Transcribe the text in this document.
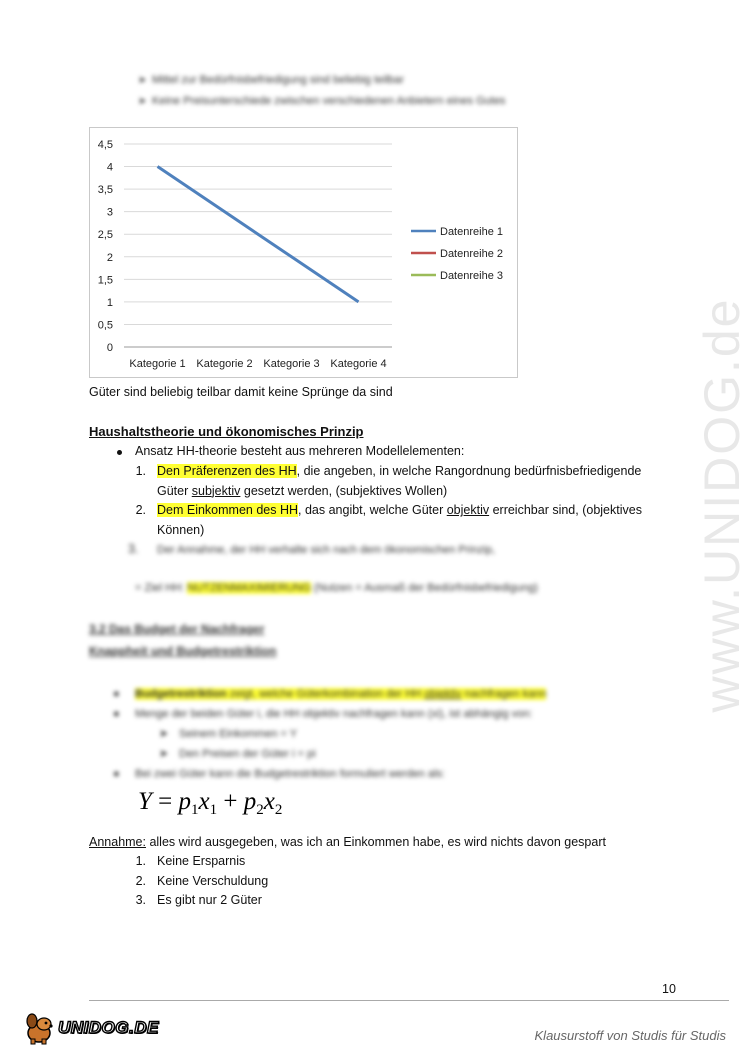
www.UNIDOG.de
➤ Mittel zur Bedürfnisbefriedigung sind beliebig teilbar
➤ Keine Preisunterschiede zwischen verschiedenen Anbietern eines Gutes
0
0,5
1
1,5
2
2,5
3
3,5
4
4,5
Kategorie 1 Kategorie 2 Kategorie 3 Kategorie 4
Datenreihe 1
Datenreihe 2
Datenreihe 3
Güter sind beliebig teilbar damit keine Sprünge da sind
Haushaltstheorie und ökonomisches Prinzip
Ansatz HH-theorie besteht aus mehreren Modellelementen:
1. Den Präferenzen des HH, die angeben, in welche Rangordnung bedürfnisbefriedigende
Güter subjektiv gesetzt werden, (subjektives Wollen)
2. Dem Einkommen des HH, das angibt, welche Güter objektiv erreichbar sind, (objektives
Können)
3. Der Annahme, der HH verhalte sich nach dem ökonomischen Prinzip,
= Ziel HH: NUTZENMAXIMIERUNG (Nutzen = Ausmaß der Bedürfnisbefriedigung)
3.2 Das Budget der Nachfrager
Knappheit und Budgetrestriktion
● Budgetrestriktion zeigt, welche Güterkombination der HH objektiv nachfragen kann
● Menge der beiden Güter i, die HH objektiv nachfragen kann (xi), ist abhängig von:
➤ Seinem Einkommen = Y
➤ Den Preisen der Güter i = pi
● Bei zwei Güter kann die Budgetrestriktion formuliert werden als:
$Y = p_1x_1 + p_2x_2$
Annahme: alles wird ausgegeben, was ich an Einkommen habe, es wird nichts davon gespart
1. Keine Ersparnis
2. Keine Verschuldung
3. Es gibt nur 2 Güter
10
UNIDOG.DE	Klausurstoff von Studis für Studis
